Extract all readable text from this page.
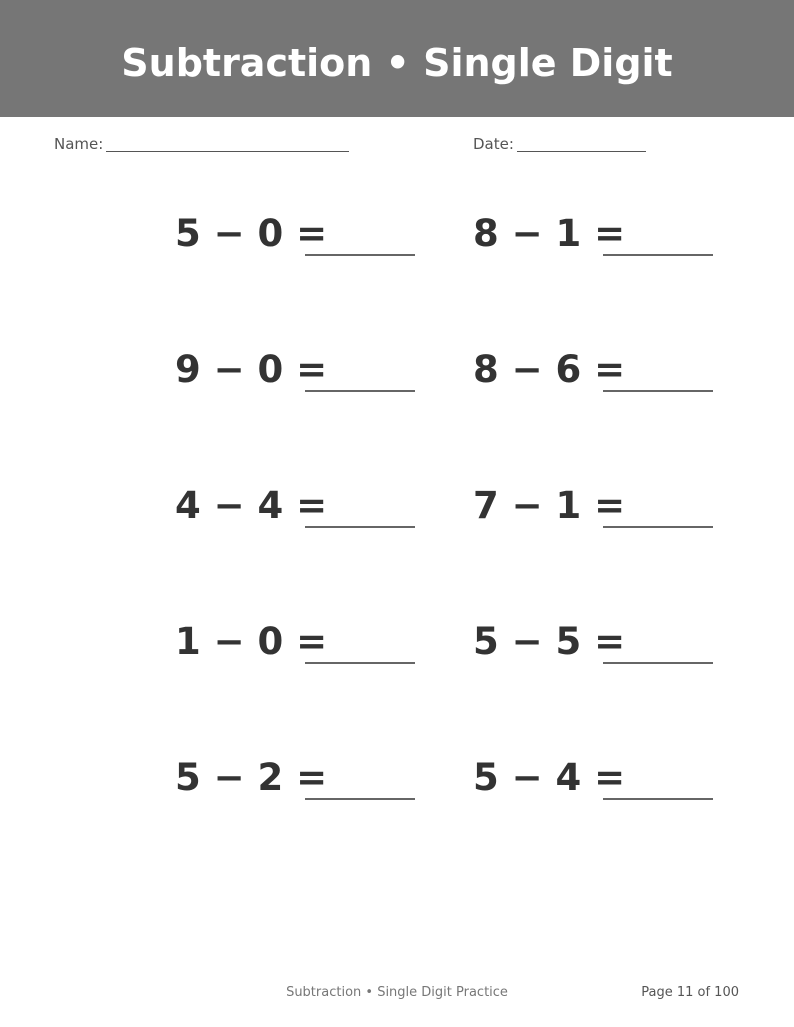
Subtraction • Single Digit
Name:	Date:
5 − 0 =	8 − 1 =
9 − 0 =	8 − 6 =
4 − 4 =	7 − 1 =
1 − 0 =	5 − 5 =
5 − 2 =	5 − 4 =
Subtraction • Single Digit Practice	Page 11 of 100
